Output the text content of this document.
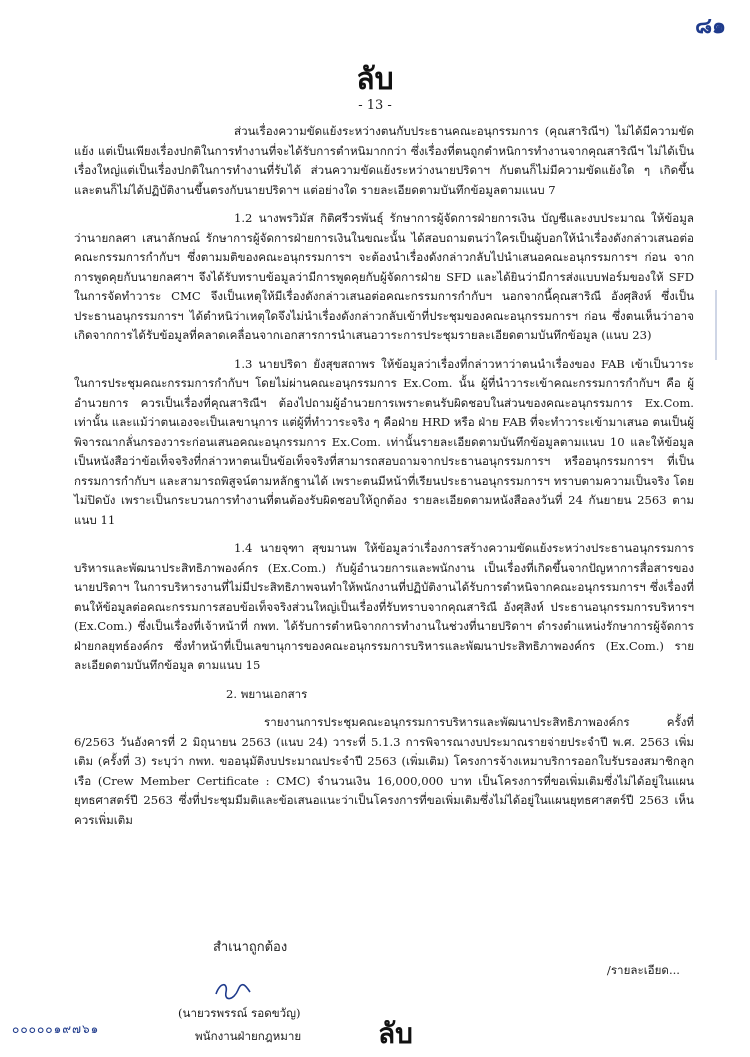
๘๑
ลับ
- 13 -

ส่วนเรื่องความขัดแย้งระหว่างตนกับประธานคณะอนุกรรมการ (คุณสาริณีฯ) ไม่ได้มีความขัดแย้ง แต่เป็นเพียงเรื่องปกติในการทำงานที่จะได้รับการตำหนิมากกว่า ซึ่งเรื่องที่ตนถูกตำหนิการทำงานจากคุณสาริณีฯ ไม่ได้เป็นเรื่องใหญ่แต่เป็นเรื่องปกติในการทำงานที่รับได้ ส่วนความขัดแย้งระหว่างนายปริดาฯ กับตนก็ไม่มีความขัดแย้งใด ๆ เกิดขึ้น และตนก็ไม่ได้ปฏิบัติงานขึ้นตรงกับนายปริดาฯ แต่อย่างใด รายละเอียดตามบันทึกข้อมูลตามแนบ 7

1.2 นางพรวิมัส กิติศรีวรพันธุ์ รักษาการผู้จัดการฝ่ายการเงิน บัญชีและงบประมาณ ให้ข้อมูลว่านายกลศา เสนาลักษณ์ รักษาการผู้จัดการฝ่ายการเงินในขณะนั้น ได้สอบถามตนว่าใครเป็นผู้บอกให้นำเรื่องดังกล่าวเสนอต่อคณะกรรมการกำกับฯ ซึ่งตามมติของคณะอนุกรรมการฯ จะต้องนำเรื่องดังกล่าวกลับไปนำเสนอคณะอนุกรรมการฯ ก่อน จากการพูดคุยกับนายกลศาฯ จึงได้รับทราบข้อมูลว่ามีการพูดคุยกับผู้จัดการฝ่าย SFD และได้ยินว่ามีการส่งแบบฟอร์มของให้ SFD ในการจัดทำวาระ CMC จึงเป็นเหตุให้มีเรื่องดังกล่าวเสนอต่อคณะกรรมการกำกับฯ นอกจากนี้คุณสาริณี อังศุสิงห์ ซึ่งเป็นประธานอนุกรรมการฯ ได้ตำหนิว่าเหตุใดจึงไม่นำเรื่องดังกล่าวกลับเข้าที่ประชุมของคณะอนุกรรมการฯ ก่อน ซึ่งตนเห็นว่าอาจเกิดจากการได้รับข้อมูลที่คลาดเคลื่อนจากเอกสารการนำเสนอวาระการประชุมรายละเอียดตามบันทึกข้อมูล (แนบ 23)

1.3 นายปริดา ยังสุขสถาพร ให้ข้อมูลว่าเรื่องที่กล่าวหาว่าตนนำเรื่องของ FAB เข้าเป็นวาระในการประชุมคณะกรรมการกำกับฯ โดยไม่ผ่านคณะอนุกรรมการ Ex.Com. นั้น ผู้ที่นำวาระเข้าคณะกรรมการกำกับฯ คือ ผู้อำนวยการ ควรเป็นเรื่องที่คุณสาริณีฯ ต้องไปถามผู้อำนวยการเพราะตนรับผิดชอบในส่วนของคณะอนุกรรมการ Ex.Com. เท่านั้น และแม้ว่าตนเองจะเป็นเลขานุการ แต่ผู้ที่ทำวาระจริง ๆ คือฝ่าย HRD หรือ ฝ่าย FAB ที่จะทำวาระเข้ามาเสนอ ตนเป็นผู้พิจารณากลั่นกรองวาระก่อนเสนอคณะอนุกรรมการ Ex.Com. เท่านั้นรายละเอียดตามบันทึกข้อมูลตามแนบ 10 และให้ข้อมูลเป็นหนังสือว่าข้อเท็จจริงที่กล่าวหาตนเป็นข้อเท็จจริงที่สามารถสอบถามจากประธานอนุกรรมการฯ หรืออนุกรรมการฯ ที่เป็นกรรมการกำกับฯ และสามารถพิสูจน์ตามหลักฐานได้ เพราะตนมีหน้าที่เรียนประธานอนุกรรมการฯ ทราบตามความเป็นจริง โดยไม่ปิดบัง เพราะเป็นกระบวนการทำงานที่ตนต้องรับผิดชอบให้ถูกต้อง รายละเอียดตามหนังสือลงวันที่ 24 กันยายน 2563 ตามแนบ 11

1.4 นายจุฑา สุขมานพ ให้ข้อมูลว่าเรื่องการสร้างความขัดแย้งระหว่างประธานอนุกรรมการบริหารและพัฒนาประสิทธิภาพองค์กร (Ex.Com.) กับผู้อำนวยการและพนักงาน เป็นเรื่องที่เกิดขึ้นจากปัญหาการสื่อสารของนายปริดาฯ ในการบริหารงานที่ไม่มีประสิทธิภาพจนทำให้พนักงานที่ปฏิบัติงานได้รับการตำหนิจากคณะอนุกรรมการฯ ซึ่งเรื่องที่ตนให้ข้อมูลต่อคณะกรรมการสอบข้อเท็จจริงส่วนใหญ่เป็นเรื่องที่รับทราบจากคุณสาริณี อังศุสิงห์ ประธานอนุกรรมการบริหารฯ (Ex.Com.) ซึ่งเป็นเรื่องที่เจ้าหน้าที่ กพท. ได้รับการตำหนิจากการทำงานในช่วงที่นายปริดาฯ ดำรงตำแหน่งรักษาการผู้จัดการฝ่ายกลยุทธ์องค์กร ซึ่งทำหน้าที่เป็นเลขานุการของคณะอนุกรรมการบริหารและพัฒนาประสิทธิภาพองค์กร (Ex.Com.) รายละเอียดตามบันทึกข้อมูล ตามแนบ 15

2. พยานเอกสาร

รายงานการประชุมคณะอนุกรรมการบริหารและพัฒนาประสิทธิภาพองค์กร ครั้งที่ 6/2563 วันอังคารที่ 2 มิถุนายน 2563 (แนบ 24) วาระที่ 5.1.3 การพิจารณางบประมาณรายจ่ายประจำปี พ.ศ. 2563 เพิ่มเติม (ครั้งที่ 3) ระบุว่า กพท. ขออนุมัติงบประมาณประจำปี 2563 (เพิ่มเติม) โครงการจ้างเหมาบริการออกใบรับรองสมาชิกลูกเรือ (Crew Member Certificate : CMC) จำนวนเงิน 16,000,000 บาท เป็นโครงการที่ขอเพิ่มเติมซึ่งไม่ได้อยู่ในแผนยุทธศาสตร์ปี 2563 ซึ่งที่ประชุมมีมติและข้อเสนอแนะว่าเป็นโครงการที่ขอเพิ่มเติมซึ่งไม่ได้อยู่ในแผนยุทธศาสตร์ปี 2563 เห็นควรเพิ่มเติม

/รายละเอียด...
สำเนาถูกต้อง
(นายวรพรรณ์ รอดขวัญ)
พนักงานฝ่ายกฎหมาย	ลับ
๐๐๐๐๐๑๙๗๖๑
